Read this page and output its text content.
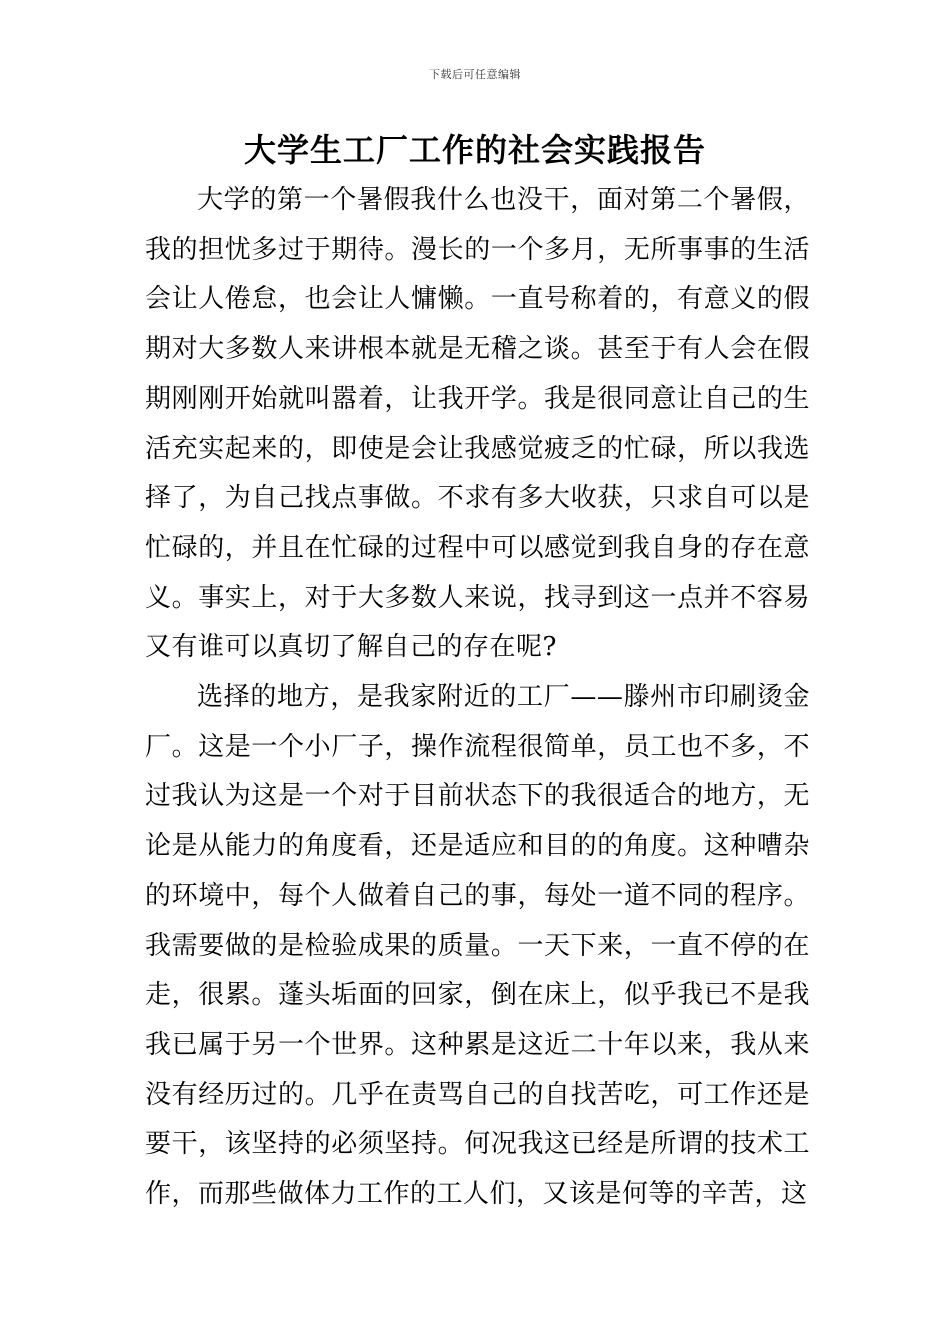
下载后可任意编辑
大学生工厂工作的社会实践报告

大学的第一个暑假我什么也没干，面对第二个暑假，我的担忧多过于期待。漫长的一个多月，无所事事的生活会让人倦怠，也会让人慵懒。一直号称着的，有意义的假期对大多数人来讲根本就是无稽之谈。甚至于有人会在假期刚刚开始就叫嚣着，让我开学。我是很同意让自己的生活充实起来的，即使是会让我感觉疲乏的忙碌，所以我选择了，为自己找点事做。不求有多大收获，只求自可以是忙碌的，并且在忙碌的过程中可以感觉到我自身的存在意义。事实上，对于大多数人来说，找寻到这一点并不容易又有谁可以真切了解自己的存在呢?

选择的地方，是我家附近的工厂——滕州市印刷烫金厂。这是一个小厂子，操作流程很简单，员工也不多，不过我认为这是一个对于目前状态下的我很适合的地方，无论是从能力的角度看，还是适应和目的的角度。这种嘈杂的环境中，每个人做着自己的事，每处一道不同的程序。我需要做的是检验成果的质量。一天下来，一直不停的在走，很累。蓬头垢面的回家，倒在床上，似乎我已不是我我已属于另一个世界。这种累是这近二十年以来，我从来没有经历过的。几乎在责骂自己的自找苦吃，可工作还是要干，该坚持的必须坚持。何况我这已经是所谓的技术工作，而那些做体力工作的工人们，又该是何等的辛苦，这
